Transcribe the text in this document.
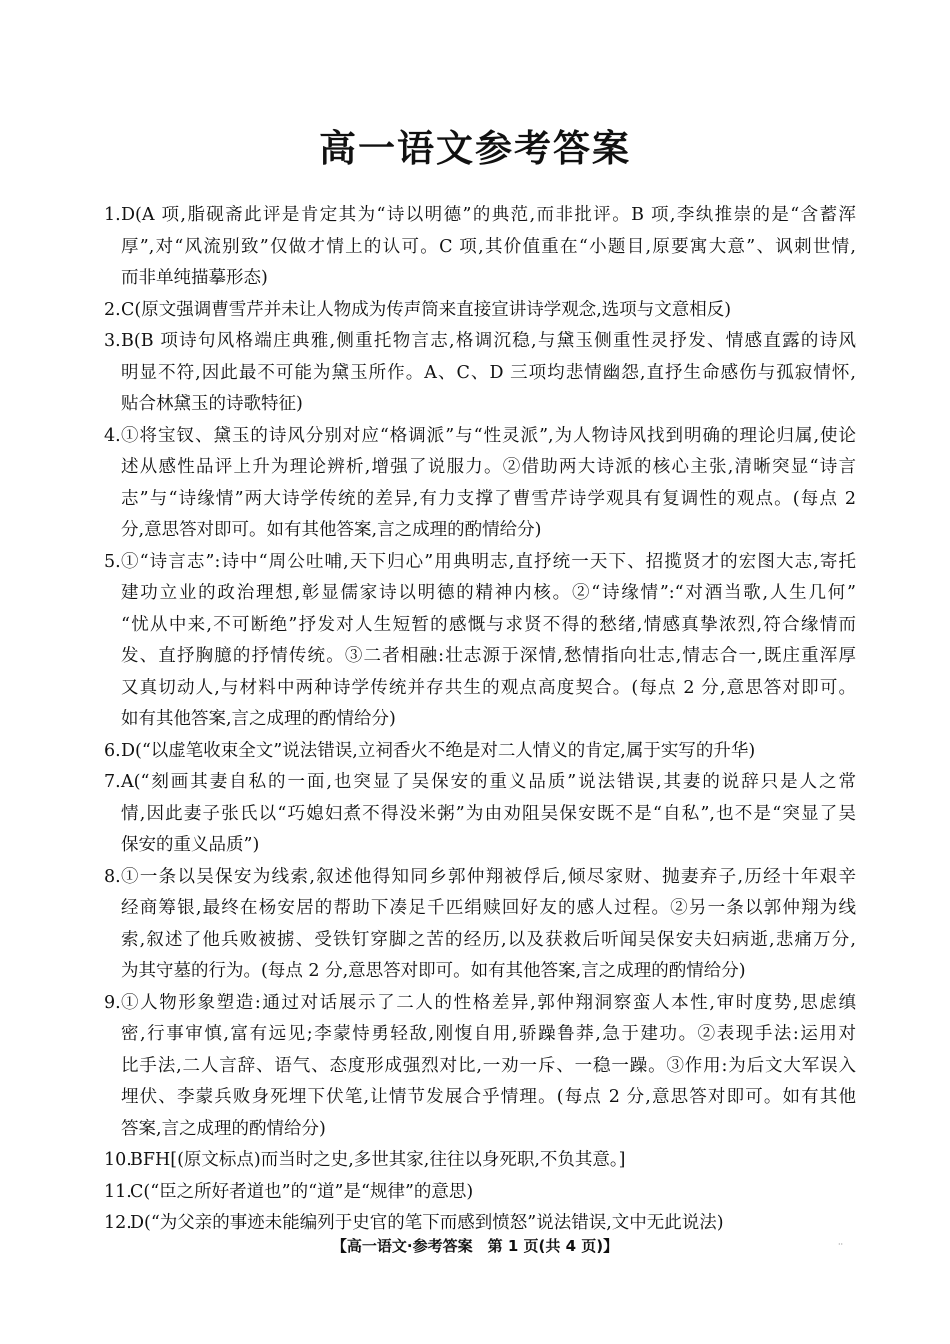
高一语文参考答案
1. D(A 项,脂砚斋此评是肯定其为“诗以明德”的典范,而非批评。B 项,李纨推崇的是“含蓄浑
厚”,对“风流别致”仅做才情上的认可。C 项,其价值重在“小题目,原要寓大意”、讽刺世情,
而非单纯描摹形态)
2. C(原文强调曹雪芹并未让人物成为传声筒来直接宣讲诗学观念,选项与文意相反)
3. B(B 项诗句风格端庄典雅,侧重托物言志,格调沉稳,与黛玉侧重性灵抒发、情感直露的诗风
明显不符,因此最不可能为黛玉所作。A、C、D 三项均悲情幽怨,直抒生命感伤与孤寂情怀,
贴合林黛玉的诗歌特征)
4. ①将宝钗、黛玉的诗风分别对应“格调派”与“性灵派”,为人物诗风找到明确的理论归属,使论
述从感性品评上升为理论辨析,增强了说服力。②借助两大诗派的核心主张,清晰突显“诗言
志”与“诗缘情”两大诗学传统的差异,有力支撑了曹雪芹诗学观具有复调性的观点。(每点 2
分,意思答对即可。如有其他答案,言之成理的酌情给分)
5. ①“诗言志”:诗中“周公吐哺,天下归心”用典明志,直抒统一天下、招揽贤才的宏图大志,寄托
建功立业的政治理想,彰显儒家诗以明德的精神内核。②“诗缘情”:“对酒当歌,人生几何”
“忧从中来,不可断绝”抒发对人生短暂的感慨与求贤不得的愁绪,情感真挚浓烈,符合缘情而
发、直抒胸臆的抒情传统。③二者相融:壮志源于深情,愁情指向壮志,情志合一,既庄重浑厚
又真切动人,与材料中两种诗学传统并存共生的观点高度契合。(每点 2 分,意思答对即可。
如有其他答案,言之成理的酌情给分)
6. D(“以虚笔收束全文”说法错误,立祠香火不绝是对二人情义的肯定,属于实写的升华)
7. A(“刻画其妻自私的一面,也突显了吴保安的重义品质”说法错误,其妻的说辞只是人之常
情,因此妻子张氏以“巧媳妇煮不得没米粥”为由劝阻吴保安既不是“自私”,也不是“突显了吴
保安的重义品质”)
8. ①一条以吴保安为线索,叙述他得知同乡郭仲翔被俘后,倾尽家财、抛妻弃子,历经十年艰辛
经商筹银,最终在杨安居的帮助下凑足千匹绢赎回好友的感人过程。②另一条以郭仲翔为线
索,叙述了他兵败被掳、受铁钉穿脚之苦的经历,以及获救后听闻吴保安夫妇病逝,悲痛万分,
为其守墓的行为。(每点 2 分,意思答对即可。如有其他答案,言之成理的酌情给分)
9. ①人物形象塑造:通过对话展示了二人的性格差异,郭仲翔洞察蛮人本性,审时度势,思虑缜
密,行事审慎,富有远见;李蒙恃勇轻敌,刚愎自用,骄躁鲁莽,急于建功。②表现手法:运用对
比手法,二人言辞、语气、态度形成强烈对比,一劝一斥、一稳一躁。③作用:为后文大军误入
埋伏、李蒙兵败身死埋下伏笔,让情节发展合乎情理。(每点 2 分,意思答对即可。如有其他
答案,言之成理的酌情给分)
10.
BFH[(原文标点)而当时之史,多世其家,往往以身死职,不负其意。]
11.
C(“臣之所好者道也”的“道”是“规律”的意思)
12.
D(“为父亲的事迹未能编列于史官的笔下而感到愤怒”说法错误,文中无此说法)
【高一语文·参考答案　第 1 页(共 4 页)】	··
